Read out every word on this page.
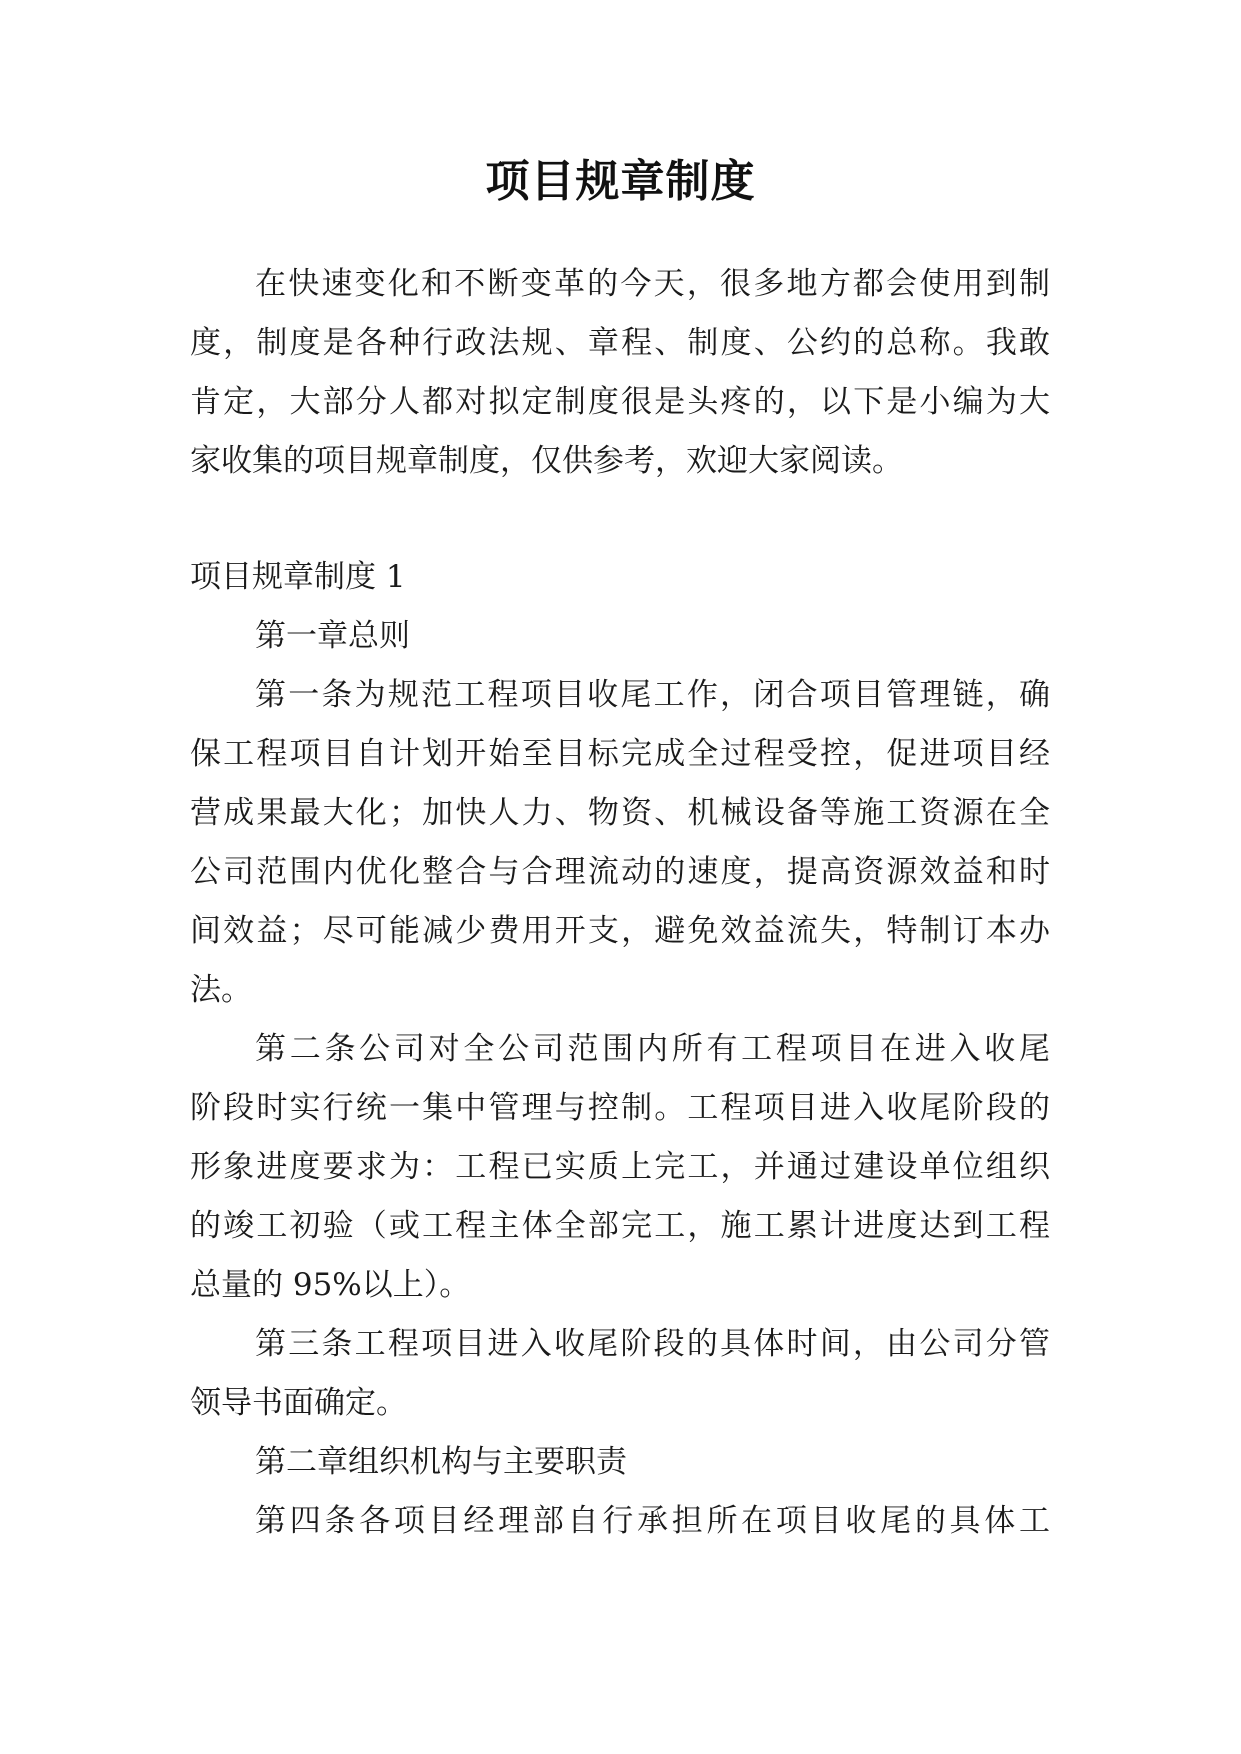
项目规章制度
在快速变化和不断变革的今天，很多地方都会使用到制
度，制度是各种行政法规、章程、制度、公约的总称。我敢
肯定，大部分人都对拟定制度很是头疼的，以下是小编为大
家收集的项目规章制度，仅供参考，欢迎大家阅读。
项目规章制度 1
第一章总则
第一条为规范工程项目收尾工作，闭合项目管理链，确
保工程项目自计划开始至目标完成全过程受控，促进项目经
营成果最大化；加快人力、物资、机械设备等施工资源在全
公司范围内优化整合与合理流动的速度，提高资源效益和时
间效益；尽可能减少费用开支，避免效益流失，特制订本办
法。
第二条公司对全公司范围内所有工程项目在进入收尾
阶段时实行统一集中管理与控制。工程项目进入收尾阶段的
形象进度要求为：工程已实质上完工，并通过建设单位组织
的竣工初验（或工程主体全部完工，施工累计进度达到工程
总量的 95%以上）。
第三条工程项目进入收尾阶段的具体时间，由公司分管
领导书面确定。
第二章组织机构与主要职责
第四条各项目经理部自行承担所在项目收尾的具体工
